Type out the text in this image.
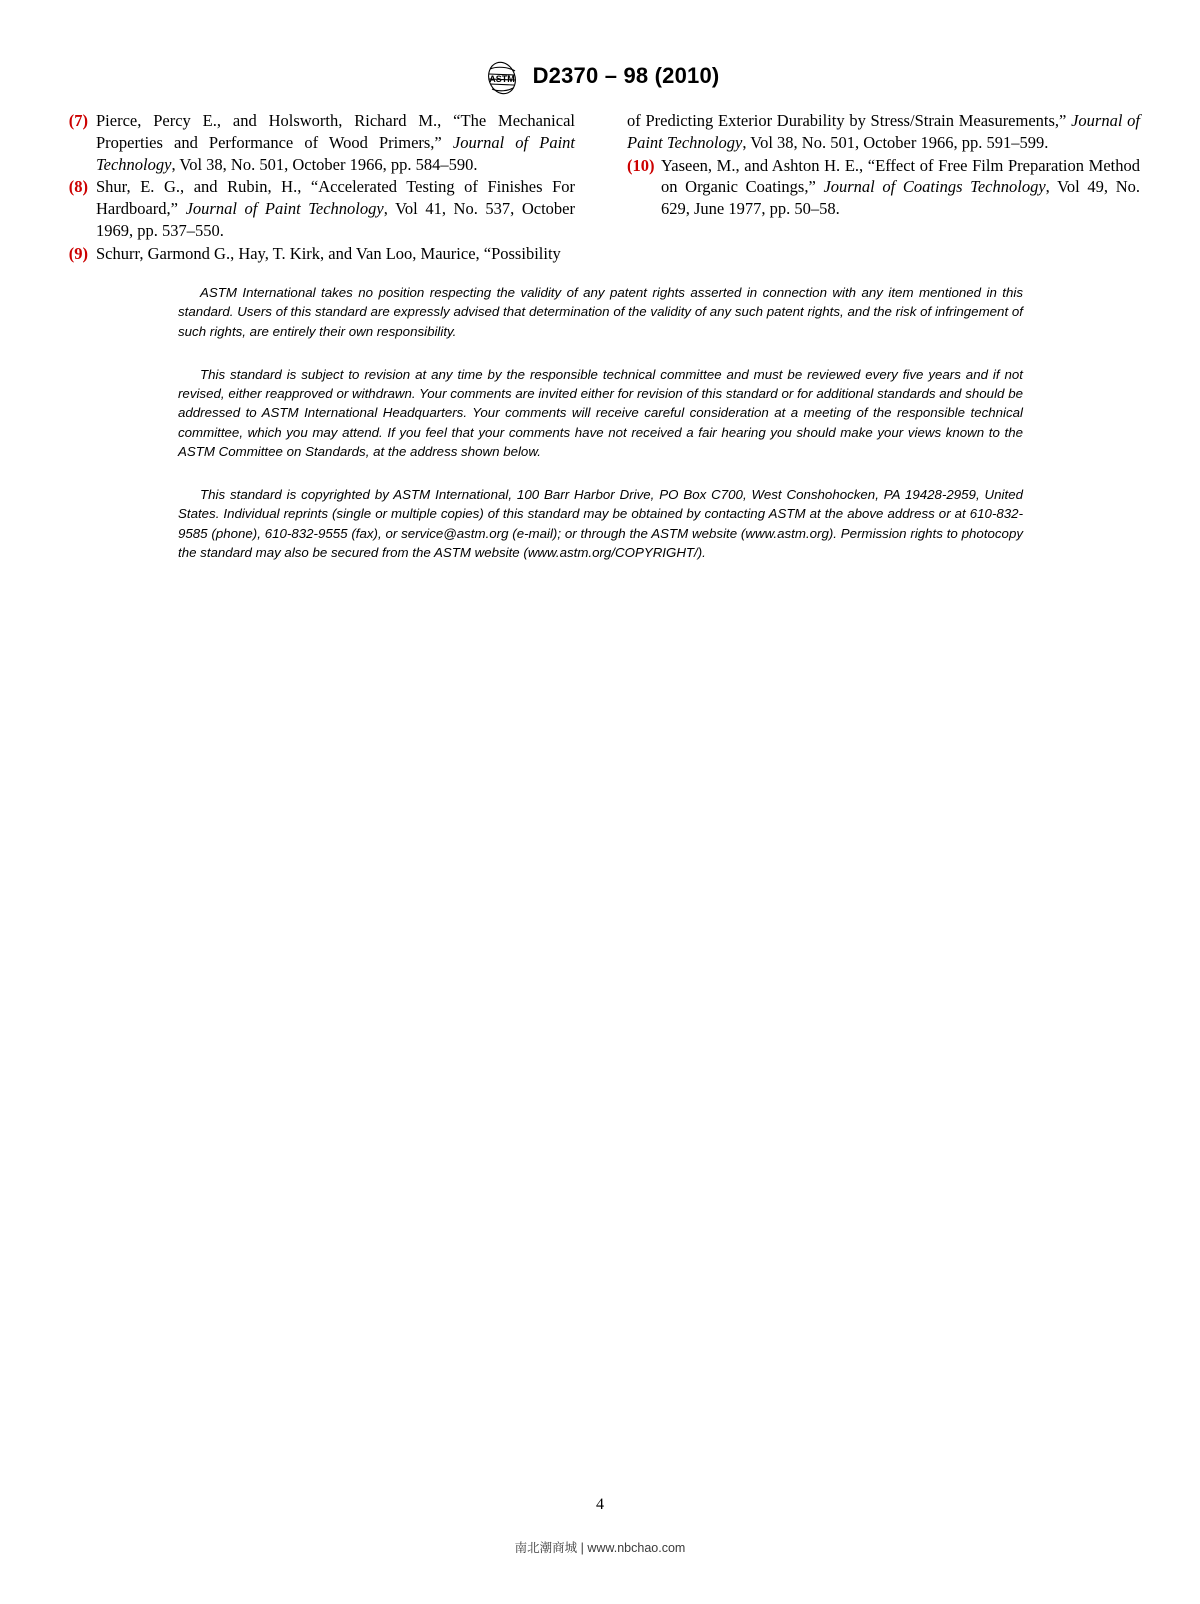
ASTM D2370 – 98 (2010)
(7) Pierce, Percy E., and Holsworth, Richard M., “The Mechanical Properties and Performance of Wood Primers,” Journal of Paint Technology, Vol 38, No. 501, October 1966, pp. 584–590.
(8) Shur, E. G., and Rubin, H., “Accelerated Testing of Finishes For Hardboard,” Journal of Paint Technology, Vol 41, No. 537, October 1969, pp. 537–550.
(9) Schurr, Garmond G., Hay, T. Kirk, and Van Loo, Maurice, “Possibility
of Predicting Exterior Durability by Stress/Strain Measurements,” Journal of Paint Technology, Vol 38, No. 501, October 1966, pp. 591–599.
(10) Yaseen, M., and Ashton H. E., “Effect of Free Film Preparation Method on Organic Coatings,” Journal of Coatings Technology, Vol 49, No. 629, June 1977, pp. 50–58.

ASTM International takes no position respecting the validity of any patent rights asserted in connection with any item mentioned in this standard. Users of this standard are expressly advised that determination of the validity of any such patent rights, and the risk of infringement of such rights, are entirely their own responsibility.

This standard is subject to revision at any time by the responsible technical committee and must be reviewed every five years and if not revised, either reapproved or withdrawn. Your comments are invited either for revision of this standard or for additional standards and should be addressed to ASTM International Headquarters. Your comments will receive careful consideration at a meeting of the responsible technical committee, which you may attend. If you feel that your comments have not received a fair hearing you should make your views known to the ASTM Committee on Standards, at the address shown below.

This standard is copyrighted by ASTM International, 100 Barr Harbor Drive, PO Box C700, West Conshohocken, PA 19428-2959, United States. Individual reprints (single or multiple copies) of this standard may be obtained by contacting ASTM at the above address or at 610-832-9585 (phone), 610-832-9555 (fax), or service@astm.org (e-mail); or through the ASTM website (www.astm.org). Permission rights to photocopy the standard may also be secured from the ASTM website (www.astm.org/COPYRIGHT/).

4
南北潮商城 | www.nbchao.com
